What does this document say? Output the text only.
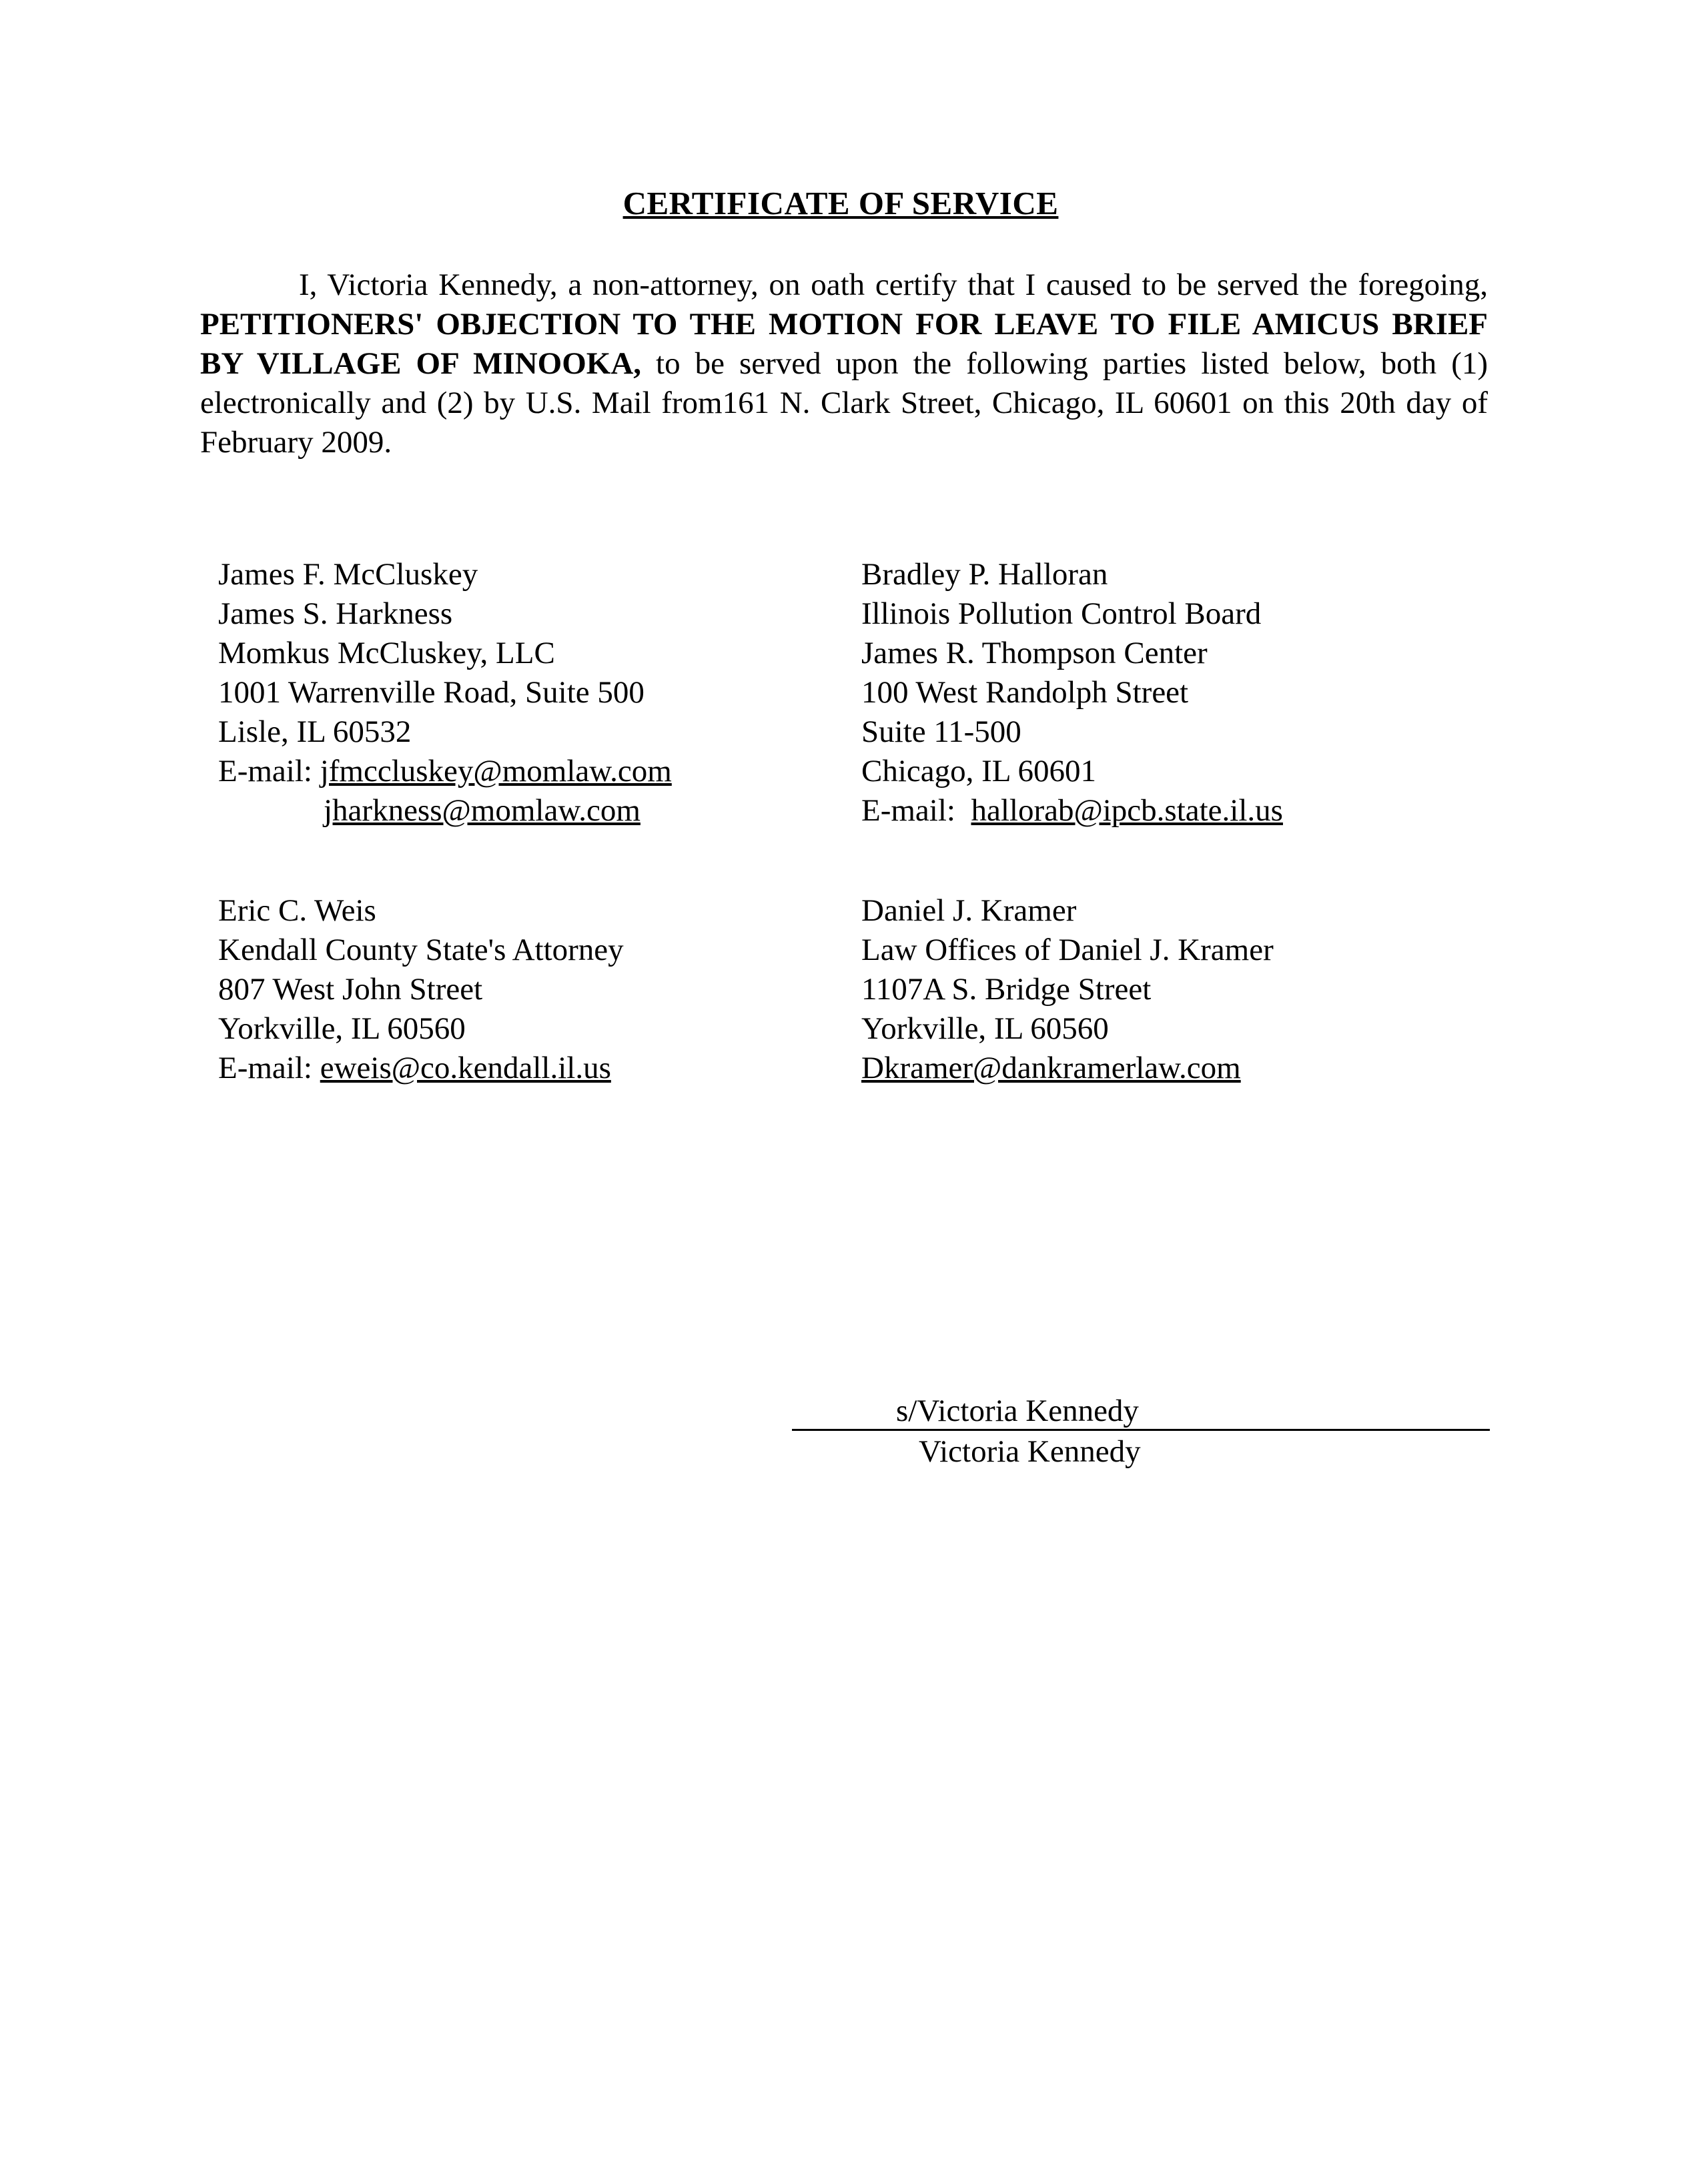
CERTIFICATE OF SERVICE
I, Victoria Kennedy, a non-attorney, on oath certify that I caused to be served the foregoing, PETITIONERS' OBJECTION TO THE MOTION FOR LEAVE TO FILE AMICUS BRIEF BY VILLAGE OF MINOOKA, to be served upon the following parties listed below, both (1) electronically and (2) by U.S. Mail from161 N. Clark Street, Chicago, IL 60601 on this 20th day of February 2009.
James F. McCluskey
James S. Harkness
Momkus McCluskey, LLC
1001 Warrenville Road, Suite 500
Lisle, IL 60532
E-mail: jfmccluskey@momlaw.com
jharkness@momlaw.com
Bradley P. Halloran
Illinois Pollution Control Board
James R. Thompson Center
100 West Randolph Street
Suite 11-500
Chicago, IL 60601
E-mail:  hallorab@ipcb.state.il.us
Eric C. Weis
Kendall County State's Attorney
807 West John Street
Yorkville, IL 60560
E-mail: eweis@co.kendall.il.us
Daniel J. Kramer
Law Offices of Daniel J. Kramer
1107A S. Bridge Street
Yorkville, IL 60560
Dkramer@dankramerlaw.com
s/Victoria Kennedy
Victoria Kennedy
